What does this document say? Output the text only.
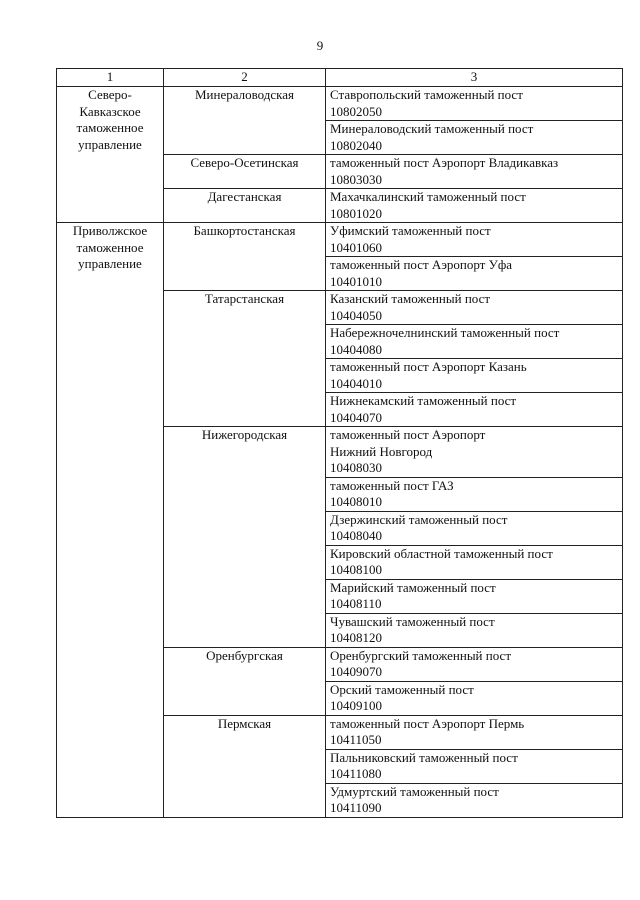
9
1	2	3

Северо-
Кавказское
таможенное
управление	Минераловодская	Ставропольский таможенный пост
10802050

		Минераловодский таможенный пост
10802040

	Северо-Осетинская	таможенный пост Аэропорт Владикавказ
10803030

	Дагестанская	Махачкалинский таможенный пост
10801020

Приволжское
таможенное
управление	Башкортостанская	Уфимский таможенный пост
10401060

		таможенный пост Аэропорт Уфа
10401010

	Татарстанская	Казанский таможенный пост
10404050

		Набережночелнинский таможенный пост
10404080

		таможенный пост Аэропорт Казань
10404010

		Нижнекамский таможенный пост
10404070

	Нижегородская	таможенный пост Аэропорт
Нижний Новгород
10408030

		таможенный пост ГАЗ
10408010

		Дзержинский таможенный пост
10408040

		Кировский областной таможенный пост
10408100

		Марийский таможенный пост
10408110

		Чувашский таможенный пост
10408120

	Оренбургская	Оренбургский таможенный пост
10409070

		Орский таможенный пост
10409100

	Пермская	таможенный пост Аэропорт Пермь
10411050

		Пальниковский таможенный пост
10411080

		Удмуртский таможенный пост
10411090
